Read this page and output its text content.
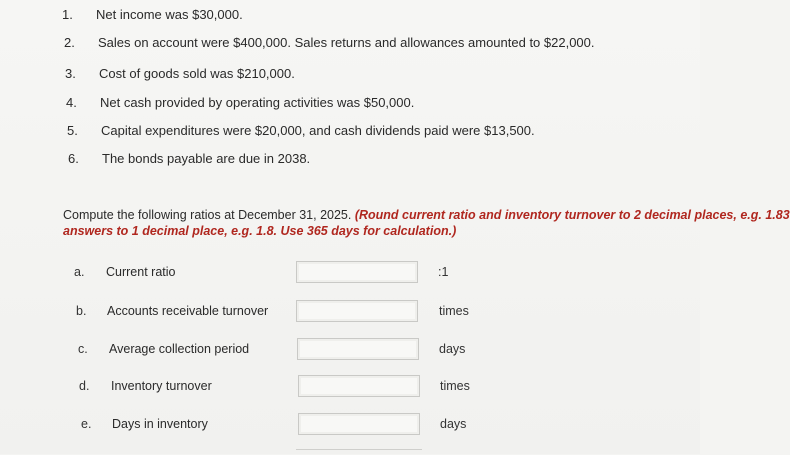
1. Net income was $30,000.
2. Sales on account were $400,000. Sales returns and allowances amounted to $22,000.
3. Cost of goods sold was $210,000.
4. Net cash provided by operating activities was $50,000.
5. Capital expenditures were $20,000, and cash dividends paid were $13,500.
6. The bonds payable are due in 2038.
Compute the following ratios at December 31, 2025. (Round current ratio and inventory turnover to 2 decimal places, e.g. 1.83
answers to 1 decimal place, e.g. 1.8. Use 365 days for calculation.)
a. Current ratio	:1
b. Accounts receivable turnover	times
c. Average collection period	days
d. Inventory turnover	times
e. Days in inventory	days
